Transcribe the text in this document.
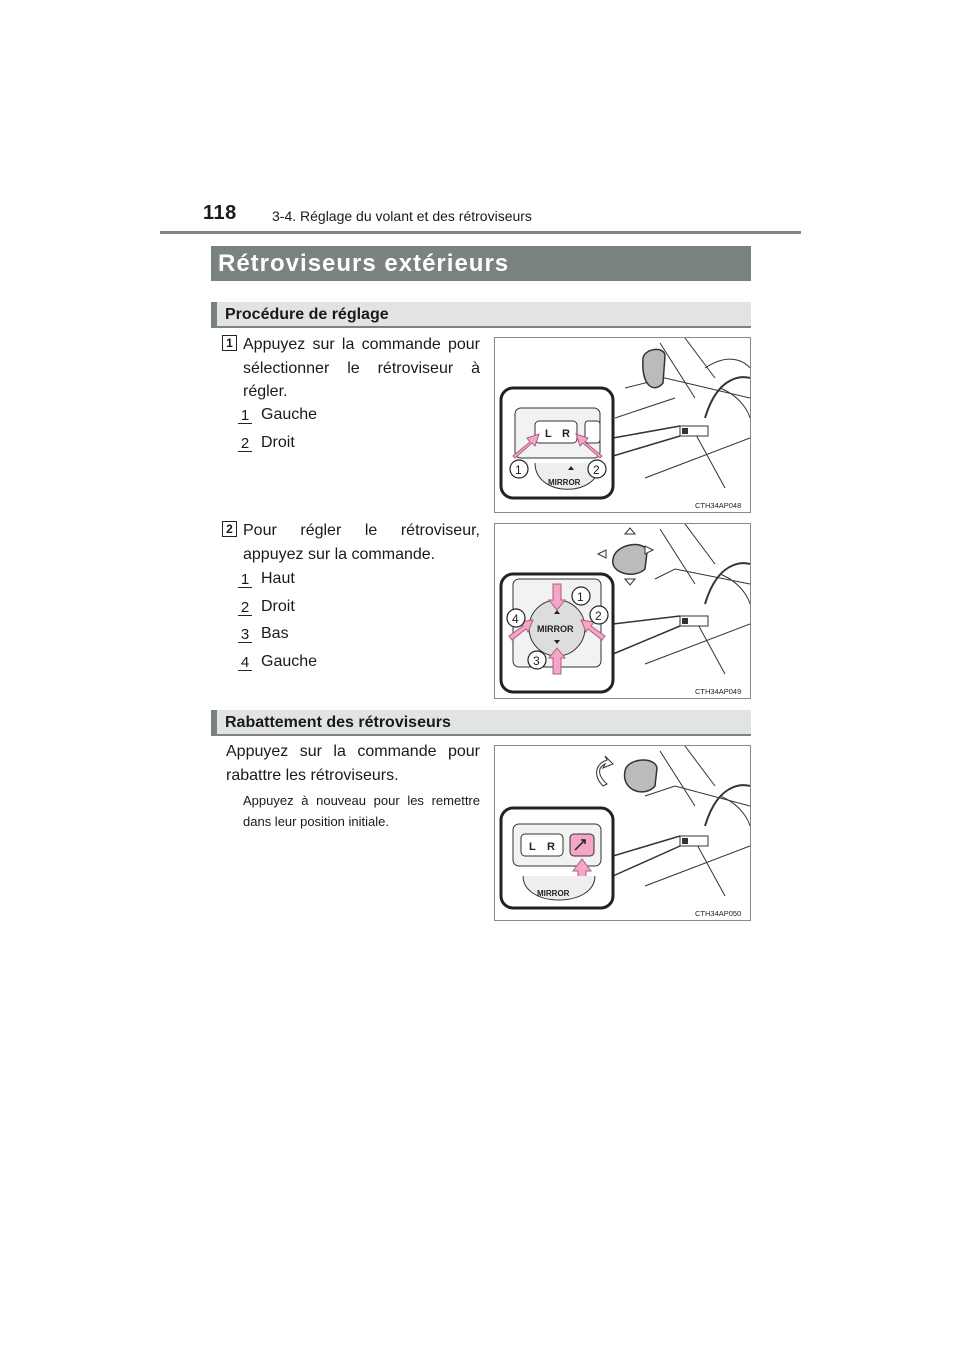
118	3-4. Réglage du volant et des rétroviseurs
Rétroviseurs extérieurs
Procédure de réglage
1 Appuyez sur la commande pour sélectionner le rétroviseur à régler.
1 Gauche
2 Droit	L R
MIRROR
1	2
CTH34AP048
2 Pour régler le rétroviseur, appuyez sur la commande.
1 Haut
2 Droit
3 Bas
4 Gauche
MIRROR
1
2
3
4
CTH34AP049
Rabattement des rétroviseurs
Appuyez sur la commande pour rabattre les rétroviseurs.
Appuyez à nouveau pour les remettre dans leur position initiale.
L R
MIRROR
CTH34AP050
